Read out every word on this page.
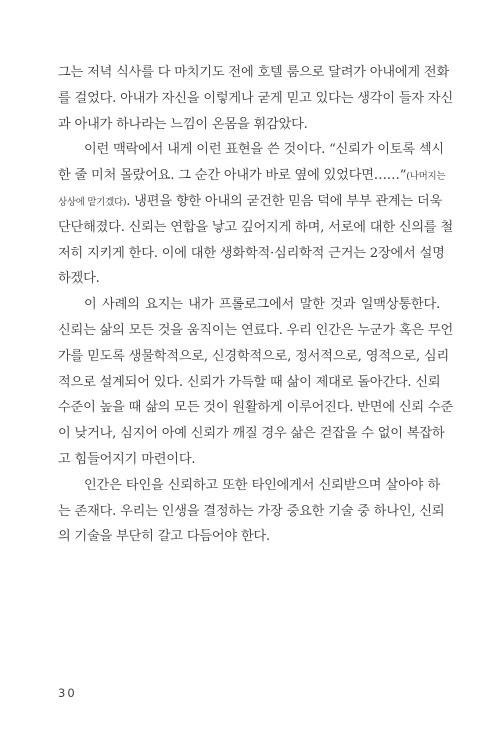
그는 저녁 식사를 다 마치기도 전에 호텔 룸으로 달려가 아내에게 전화
를 걸었다. 아내가 자신을 이렇게나 굳게 믿고 있다는 생각이 들자 자신
과 아내가 하나라는 느낌이 온몸을 휘감았다.
이런 맥락에서 내게 이런 표현을 쓴 것이다. “신뢰가 이토록 섹시
한 줄 미처 몰랐어요. 그 순간 아내가 바로 옆에 있었다면……”(나머지는
상상에 맡기겠다). 냉편을 향한 아내의 굳건한 믿음 덕에 부부 관계는 더욱
단단해졌다. 신뢰는 연합을 낳고 깊어지게 하며, 서로에 대한 신의를 철
저히 지키게 한다. 이에 대한 생화학적·심리학적 근거는 2장에서 설명
하겠다.
이 사례의 요지는 내가 프롤로그에서 말한 것과 일맥상통한다.
신뢰는 삶의 모든 것을 움직이는 연료다. 우리 인간은 누군가 혹은 무언
가를 믿도록 생물학적으로, 신경학적으로, 정서적으로, 영적으로, 심리
적으로 설계되어 있다. 신뢰가 가득할 때 삶이 제대로 돌아간다. 신뢰
수준이 높을 때 삶의 모든 것이 원활하게 이루어진다. 반면에 신뢰 수준
이 낮거나, 심지어 아예 신뢰가 깨질 경우 삶은 걷잡을 수 없이 복잡하
고 힘들어지기 마련이다.
인간은 타인을 신뢰하고 또한 타인에게서 신뢰받으며 살아야 하
는 존재다. 우리는 인생을 결정하는 가장 중요한 기술 중 하나인, 신뢰
의 기술을 부단히 갈고 다듬어야 한다.
30
